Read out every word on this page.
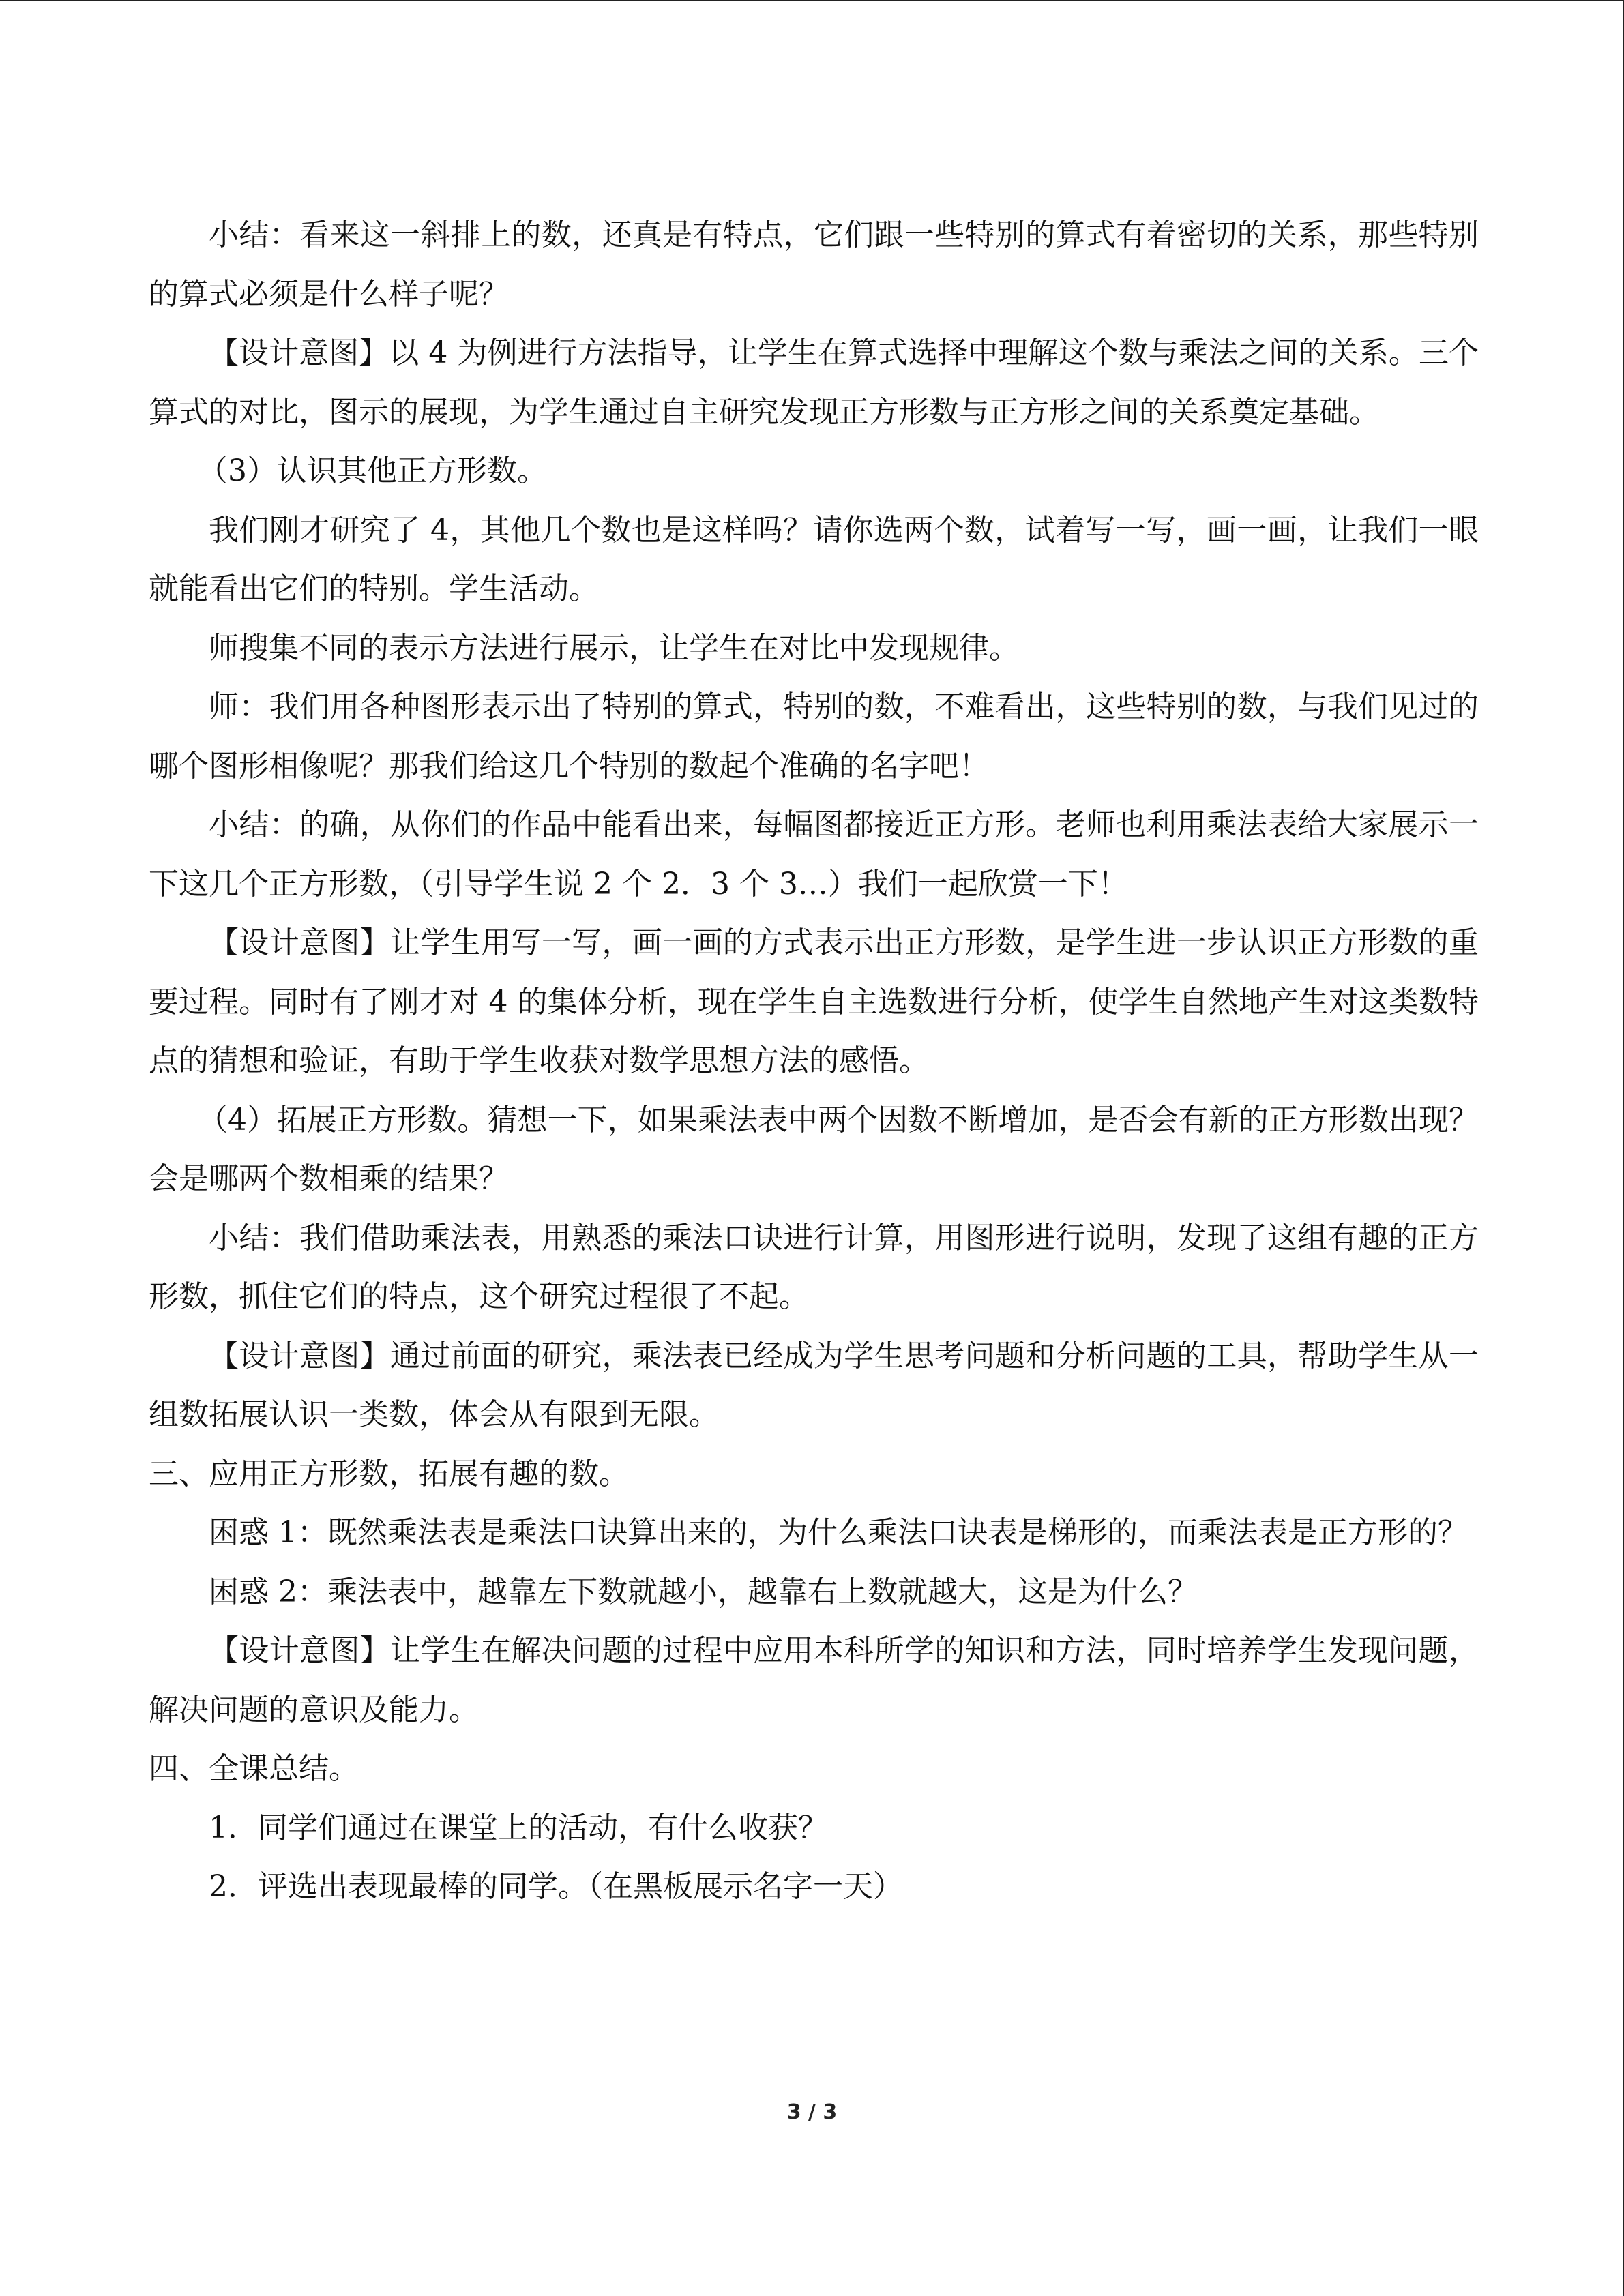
小结：看来这一斜排上的数，还真是有特点，它们跟一些特别的算式有着密切的关系，那些特别的算式必须是什么样子呢？

【设计意图】以 4 为例进行方法指导，让学生在算式选择中理解这个数与乘法之间的关系。三个算式的对比，图示的展现，为学生通过自主研究发现正方形数与正方形之间的关系奠定基础。

（3）认识其他正方形数。

我们刚才研究了 4，其他几个数也是这样吗？请你选两个数，试着写一写，画一画，让我们一眼就能看出它们的特别。学生活动。

师搜集不同的表示方法进行展示，让学生在对比中发现规律。

师：我们用各种图形表示出了特别的算式，特别的数，不难看出，这些特别的数，与我们见过的哪个图形相像呢？那我们给这几个特别的数起个准确的名字吧！

小结：的确，从你们的作品中能看出来，每幅图都接近正方形。老师也利用乘法表给大家展示一下这几个正方形数，（引导学生说 2 个 2．3 个 3…）我们一起欣赏一下！

【设计意图】让学生用写一写，画一画的方式表示出正方形数，是学生进一步认识正方形数的重要过程。同时有了刚才对 4 的集体分析，现在学生自主选数进行分析，使学生自然地产生对这类数特点的猜想和验证，有助于学生收获对数学思想方法的感悟。

（4）拓展正方形数。猜想一下，如果乘法表中两个因数不断增加，是否会有新的正方形数出现？会是哪两个数相乘的结果？

小结：我们借助乘法表，用熟悉的乘法口诀进行计算，用图形进行说明，发现了这组有趣的正方形数，抓住它们的特点，这个研究过程很了不起。

【设计意图】通过前面的研究，乘法表已经成为学生思考问题和分析问题的工具，帮助学生从一组数拓展认识一类数，体会从有限到无限。

三、应用正方形数，拓展有趣的数。

困惑 1：既然乘法表是乘法口诀算出来的，为什么乘法口诀表是梯形的，而乘法表是正方形的？

困惑 2：乘法表中，越靠左下数就越小，越靠右上数就越大，这是为什么？

【设计意图】让学生在解决问题的过程中应用本科所学的知识和方法，同时培养学生发现问题，解决问题的意识及能力。

四、全课总结。

1．同学们通过在课堂上的活动，有什么收获？

2．评选出表现最棒的同学。（在黑板展示名字一天）

3 / 3
